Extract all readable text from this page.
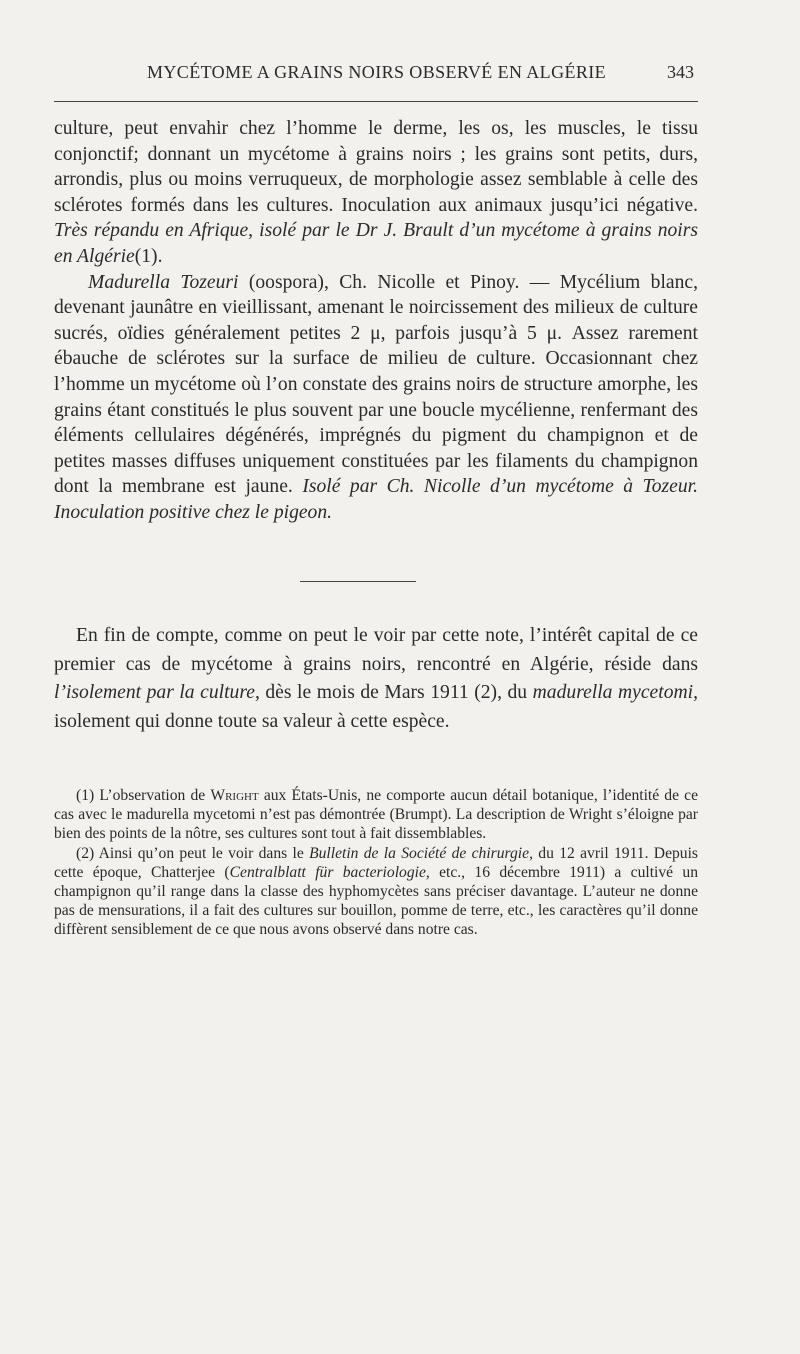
MYCÉTOME A GRAINS NOIRS OBSERVÉ EN ALGÉRIE	343

culture, peut envahir chez l’homme le derme, les os, les muscles, le tissu conjonctif; donnant un mycétome à grains noirs ; les grains sont petits, durs, arrondis, plus ou moins verruqueux, de morphologie assez semblable à celle des sclérotes formés dans les cultures. Inoculation aux animaux jusqu’ici négative. Très répandu en Afrique, isolé par le Dr J. Brault d’un mycétome à grains noirs en Algérie(1).

Madurella Tozeuri (oospora), Ch. Nicolle et Pinoy. — Mycélium blanc, devenant jaunâtre en vieillissant, amenant le noircissement des milieux de culture sucrés, oïdies généralement petites 2 μ, parfois jusqu’à 5 μ. Assez rarement ébauche de sclérotes sur la surface de milieu de culture. Occasionnant chez l’homme un mycétome où l’on constate des grains noirs de structure amorphe, les grains étant constitués le plus souvent par une boucle mycélienne, renfermant des éléments cellulaires dégénérés, imprégnés du pigment du champignon et de petites masses diffuses uniquement constituées par les filaments du champignon dont la membrane est jaune. Isolé par Ch. Nicolle d’un mycétome à Tozeur. Inoculation positive chez le pigeon.

En fin de compte, comme on peut le voir par cette note, l’intérêt capital de ce premier cas de mycétome à grains noirs, rencontré en Algérie, réside dans l’isolement par la culture, dès le mois de Mars 1911 (2), du madurella mycetomi, isolement qui donne toute sa valeur à cette espèce.

(1) L’observation de Wright aux États-Unis, ne comporte aucun détail botanique, l’identité de ce cas avec le madurella mycetomi n’est pas démontrée (Brumpt). La description de Wright s’éloigne par bien des points de la nôtre, ses cultures sont tout à fait dissemblables.

(2) Ainsi qu’on peut le voir dans le Bulletin de la Société de chirurgie, du 12 avril 1911. Depuis cette époque, Chatterjee (Centralblatt für bacteriologie, etc., 16 décembre 1911) a cultivé un champignon qu’il range dans la classe des hyphomycètes sans préciser davantage. L’auteur ne donne pas de mensurations, il a fait des cultures sur bouillon, pomme de terre, etc., les caractères qu’il donne diffèrent sensiblement de ce que nous avons observé dans notre cas.
